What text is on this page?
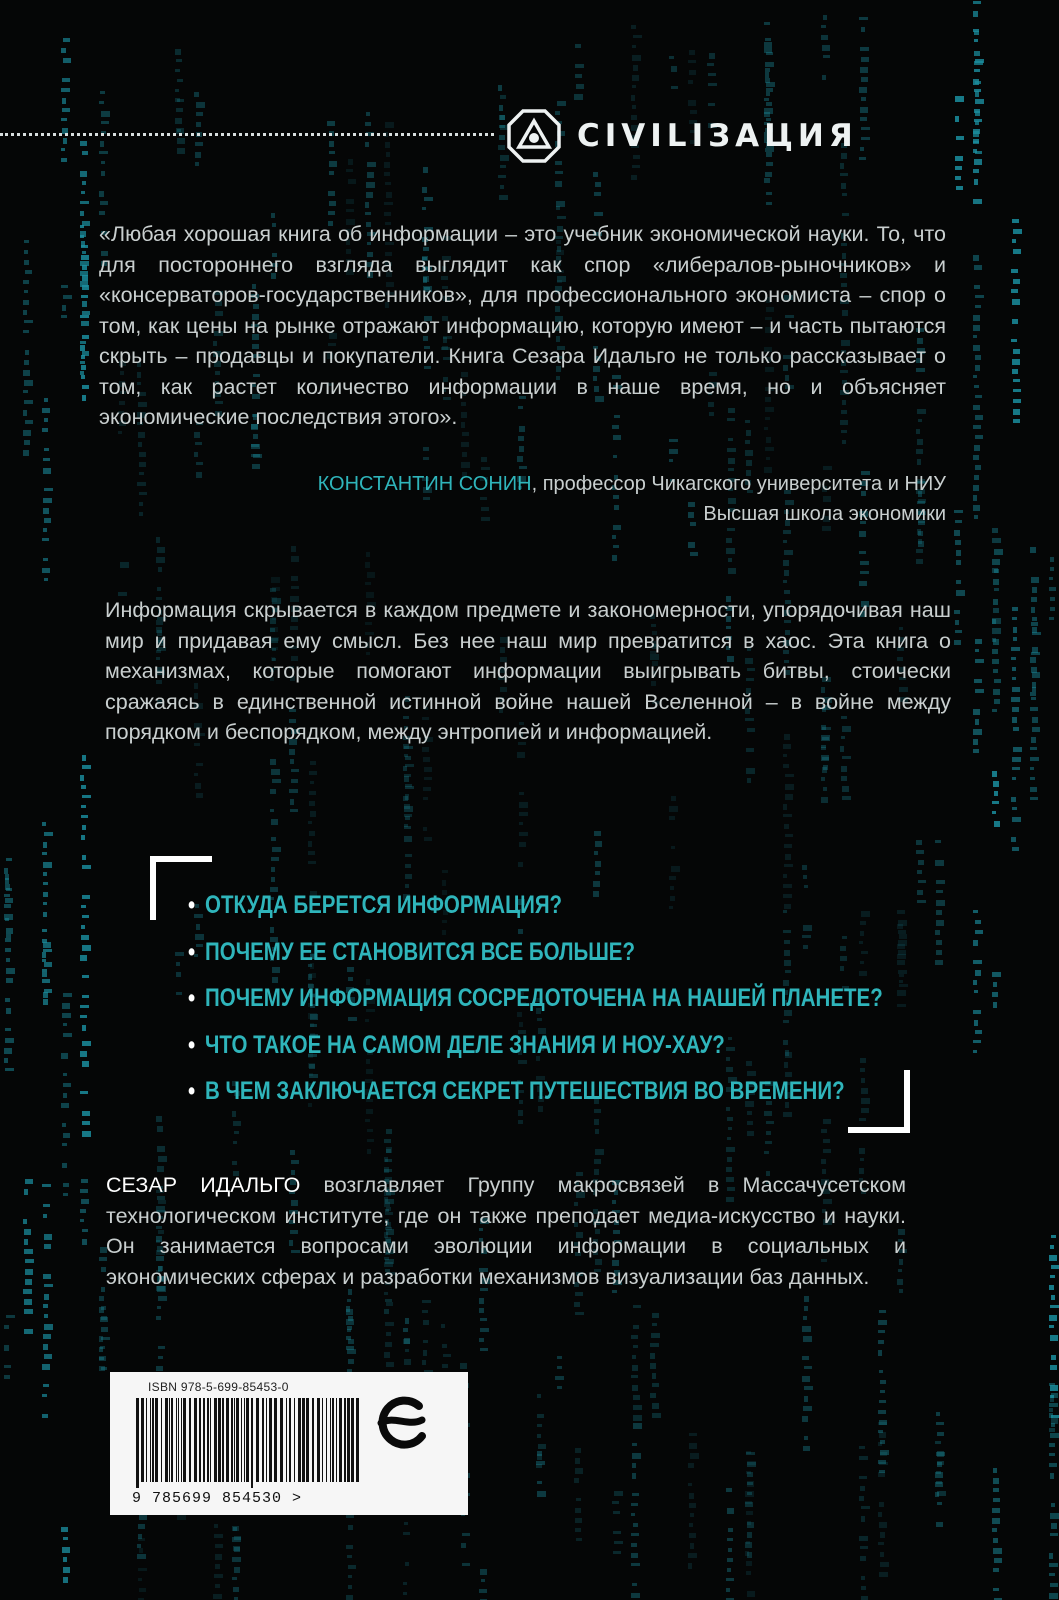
CIVILIЗАЦИЯ
«Любая хорошая книга об информации – это учебник экономической науки. То, что для постороннего взгляда выглядит как спор «либералов-рыночников» и «консерваторов-государственников», для профессионального экономиста – спор о том, как цены на рынке отражают информацию, которую имеют – и часть пытаются скрыть – продавцы и покупатели. Книга Сезара Идальго не только рассказывает о том, как растет количество информации в наше время, но и объясняет экономические последствия этого».
КОНСТАНТИН СОНИН, профессор Чикагского университета и НИУ Высшая школа экономики
Информация скрывается в каждом предмете и закономерности, упорядочивая наш мир и придавая ему смысл. Без нее наш мир превратится в хаос. Эта книга о механизмах, которые помогают информации выигрывать битвы, стоически сражаясь в единственной истинной войне нашей Вселенной – в войне между порядком и беспорядком, между энтропией и информацией.
• ОТКУДА БЕРЕТСЯ ИНФОРМАЦИЯ?
• ПОЧЕМУ ЕЕ СТАНОВИТСЯ ВСЕ БОЛЬШЕ?
• ПОЧЕМУ ИНФОРМАЦИЯ СОСРЕДОТОЧЕНА НА НАШЕЙ ПЛАНЕТЕ?
• ЧТО ТАКОЕ НА САМОМ ДЕЛЕ ЗНАНИЯ И НОУ-ХАУ?
• В ЧЕМ ЗАКЛЮЧАЕТСЯ СЕКРЕТ ПУТЕШЕСТВИЯ ВО ВРЕМЕНИ?
СЕЗАР ИДАЛЬГО возглавляет Группу макросвязей в Массачусетском технологическом институте, где он также преподает медиа-искусство и науки. Он занимается вопросами эволюции информации в социальных и экономических сферах и разработки механизмов визуализации баз данных.
ISBN 978-5-699-85453-0
9 785699 854530 >
